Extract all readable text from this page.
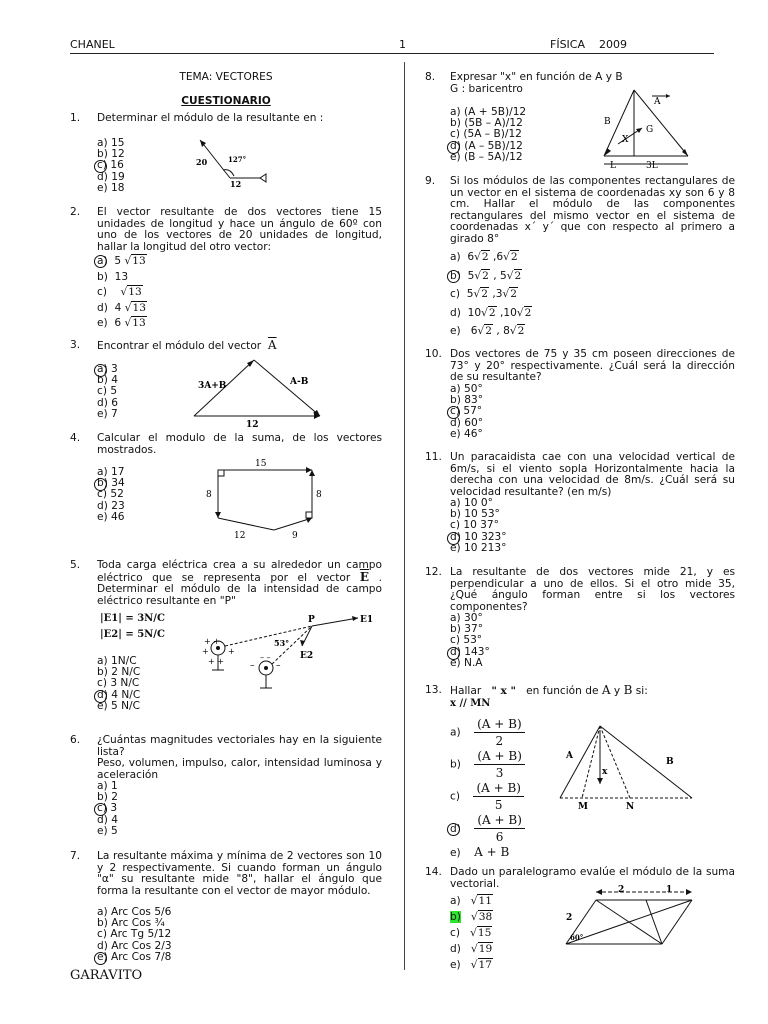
CHANEL	1	FÍSICA 2009
GARAVITO
TEMA: VECTORES
CUESTIONARIO
1. Determinar el módulo de la resultante en :
a) 15
b) 12
c) 16
d) 19
e) 18
20	127°
12
2. El vector resultante de dos vectores tiene 15 unidades de longitud y hace un ángulo de 60º con uno de los vectores de 20 unidades de longitud, hallar la longitud del otro vector:
a) 5 √13
b) 13
c)    √13
d) 4 √13
e) 6 √13
3. Encontrar el módulo del vector $\overline{A}$
a) 3
b) 4
c) 5
d) 6
e) 7
3A+B	A-B
12
4. Calcular el modulo de la suma, de los vectores mostrados.
a) 17
b) 34
c) 52
d) 23
e) 46
15
8	8
12	9
5. Toda carga eléctrica crea a su alrededor un campo eléctrico que se representa por el vector $\overline{E}$ . Determinar el módulo de la intensidad de campo eléctrico resultante en "P"
|E1| = 3N/C
|E2| = 5N/C
a) 1N/C
b) 2 N/C
c) 3 N/C
d) 4 N/C
e) 5 N/C
+ +
+ +
+ +	– –
– –
P	E1
E2
53°
6. ¿Cuántas magnitudes vectoriales hay en la siguiente lista?
Peso, volumen, impulso, calor, intensidad luminosa y aceleración
a) 1
b) 2
c) 3
d) 4
e) 5
7. La resultante máxima y mínima de 2 vectores son 10 y 2 respectivamente. Si cuando forman un ángulo "α" su resultante mide "8", hallar el ángulo que forma la resultante con el vector de mayor módulo.
a) Arc Cos 5/6
b) Arc Cos ¾
c) Arc Tg 5/12
d) Arc Cos 2/3
e) Arc Cos 7/8
8. Expresar "x" en función de A y B
G : baricentro
a) (A + 5B)/12
b) (5B – A)/12
c) (5A – B)/12
d) (A – 5B)/12
e) (B – 5A)/12
A
B
X
G
L	3L
9. Si los módulos de las componentes rectangulares de un vector en el sistema de coordenadas xy son 6 y 8 cm. Hallar el módulo de las componentes rectangulares del mismo vector en el sistema de coordenadas x´ y´ que con respecto al primero a girado 8°
a) 6√2 ,6√2
b) 5√2 , 5√2
c) 5√2 ,3√2
d) 10√2 ,10√2
e) 6√2 , 8√2
10. Dos vectores de 75 y 35 cm poseen direcciones de 73° y 20° respectivamente. ¿Cuál será la dirección de su resultante?
a) 50°
b) 83°
c) 57°
d) 60°
e) 46°
11. Un paracaidista cae con una velocidad vertical de 6m/s, si el viento sopla Horizontalmente hacia la derecha con una velocidad de 8m/s. ¿Cuál será su velocidad resultante? (en m/s)
a) 10 0°
b) 10 53°
c) 10 37°
d) 10 323°
e) 10 213°
12. La resultante de dos vectores mide 21, y es perpendicular a uno de ellos. Si el otro mide 35, ¿Qué ángulo forman entre si los vectores componentes?
a) 30°
b) 37°
c) 53°
d) 143°
e) N.A
13. Hallar " x " en función de A y B si:
x // MN
$a) \frac{(A + B)}{2}$
$b) \frac{(A + B)}{3}$
$c) \frac{(A + B)}{5}$
$d) \frac{(A + B)}{6}$
e) A + B
A
B
x
M	N
14. Dado un paralelogramo evalúe el módulo de la suma vectorial.
a)   √11
b)   √38
c)   √15
d)   √19
e)   √17
2	1
2
60°
